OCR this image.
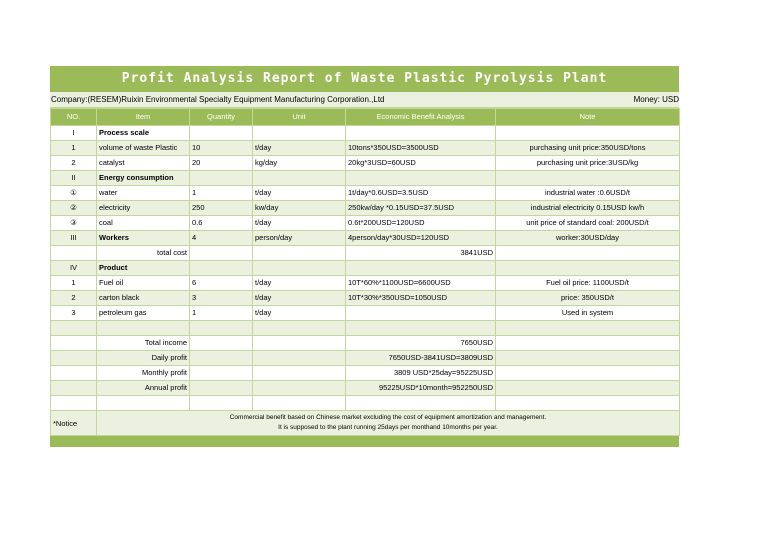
Profit Analysis Report of Waste Plastic Pyrolysis Plant
Company:(RESEM)Ruixin Environmental Specialty Equipment Manufacturing Corporation.,Ltd	Money: USD
NO.	Item	Quantity	Unit	Economic Benefit Analysis	Note
I	Process scale				
1	volume of waste Plastic	10	t/day	10tons*350USD=3500USD	purchasing unit price:350USD/tons
2	catalyst	20	kg/day	20kg*3USD=60USD	purchasing unit price:3USD/kg
II	Energy consumption				
①	water	1	t/day	1t/day*0.6USD=3.5USD	industrial water :0.6USD/t
②	electricity	250	kw/day	250kw/day *0.15USD=37.5USD	industrial electricity 0.15USD kw/h
③	coal	0.6	t/day	0.6t*200USD=120USD	unit price of standard coal: 200USD/t
III	Workers	4	person/day	4person/day*30USD=120USD	worker:30USD/day
	total cost			3841USD	
IV	Product				
1	Fuel oil	6	t/day	10T*60%*1100USD=6600USD	Fuel oil price: 1100USD/t
2	carton black	3	t/day	10T*30%*350USD=1050USD	price: 350USD/t
3	petroleum gas	1	t/day		Used in system

	Total income			7650USD	
	Daily profit			7650USD-3841USD=3809USD	
	Monthly profit			3809 USD*25day=95225USD	
	Annual profit			95225USD*10month=952250USD	

*Notice	Commercial benefit based on Chinese market excluding the cost of equipment amortization and management.
It is supposed to the plant running 25days per monthand 10months per year.				
